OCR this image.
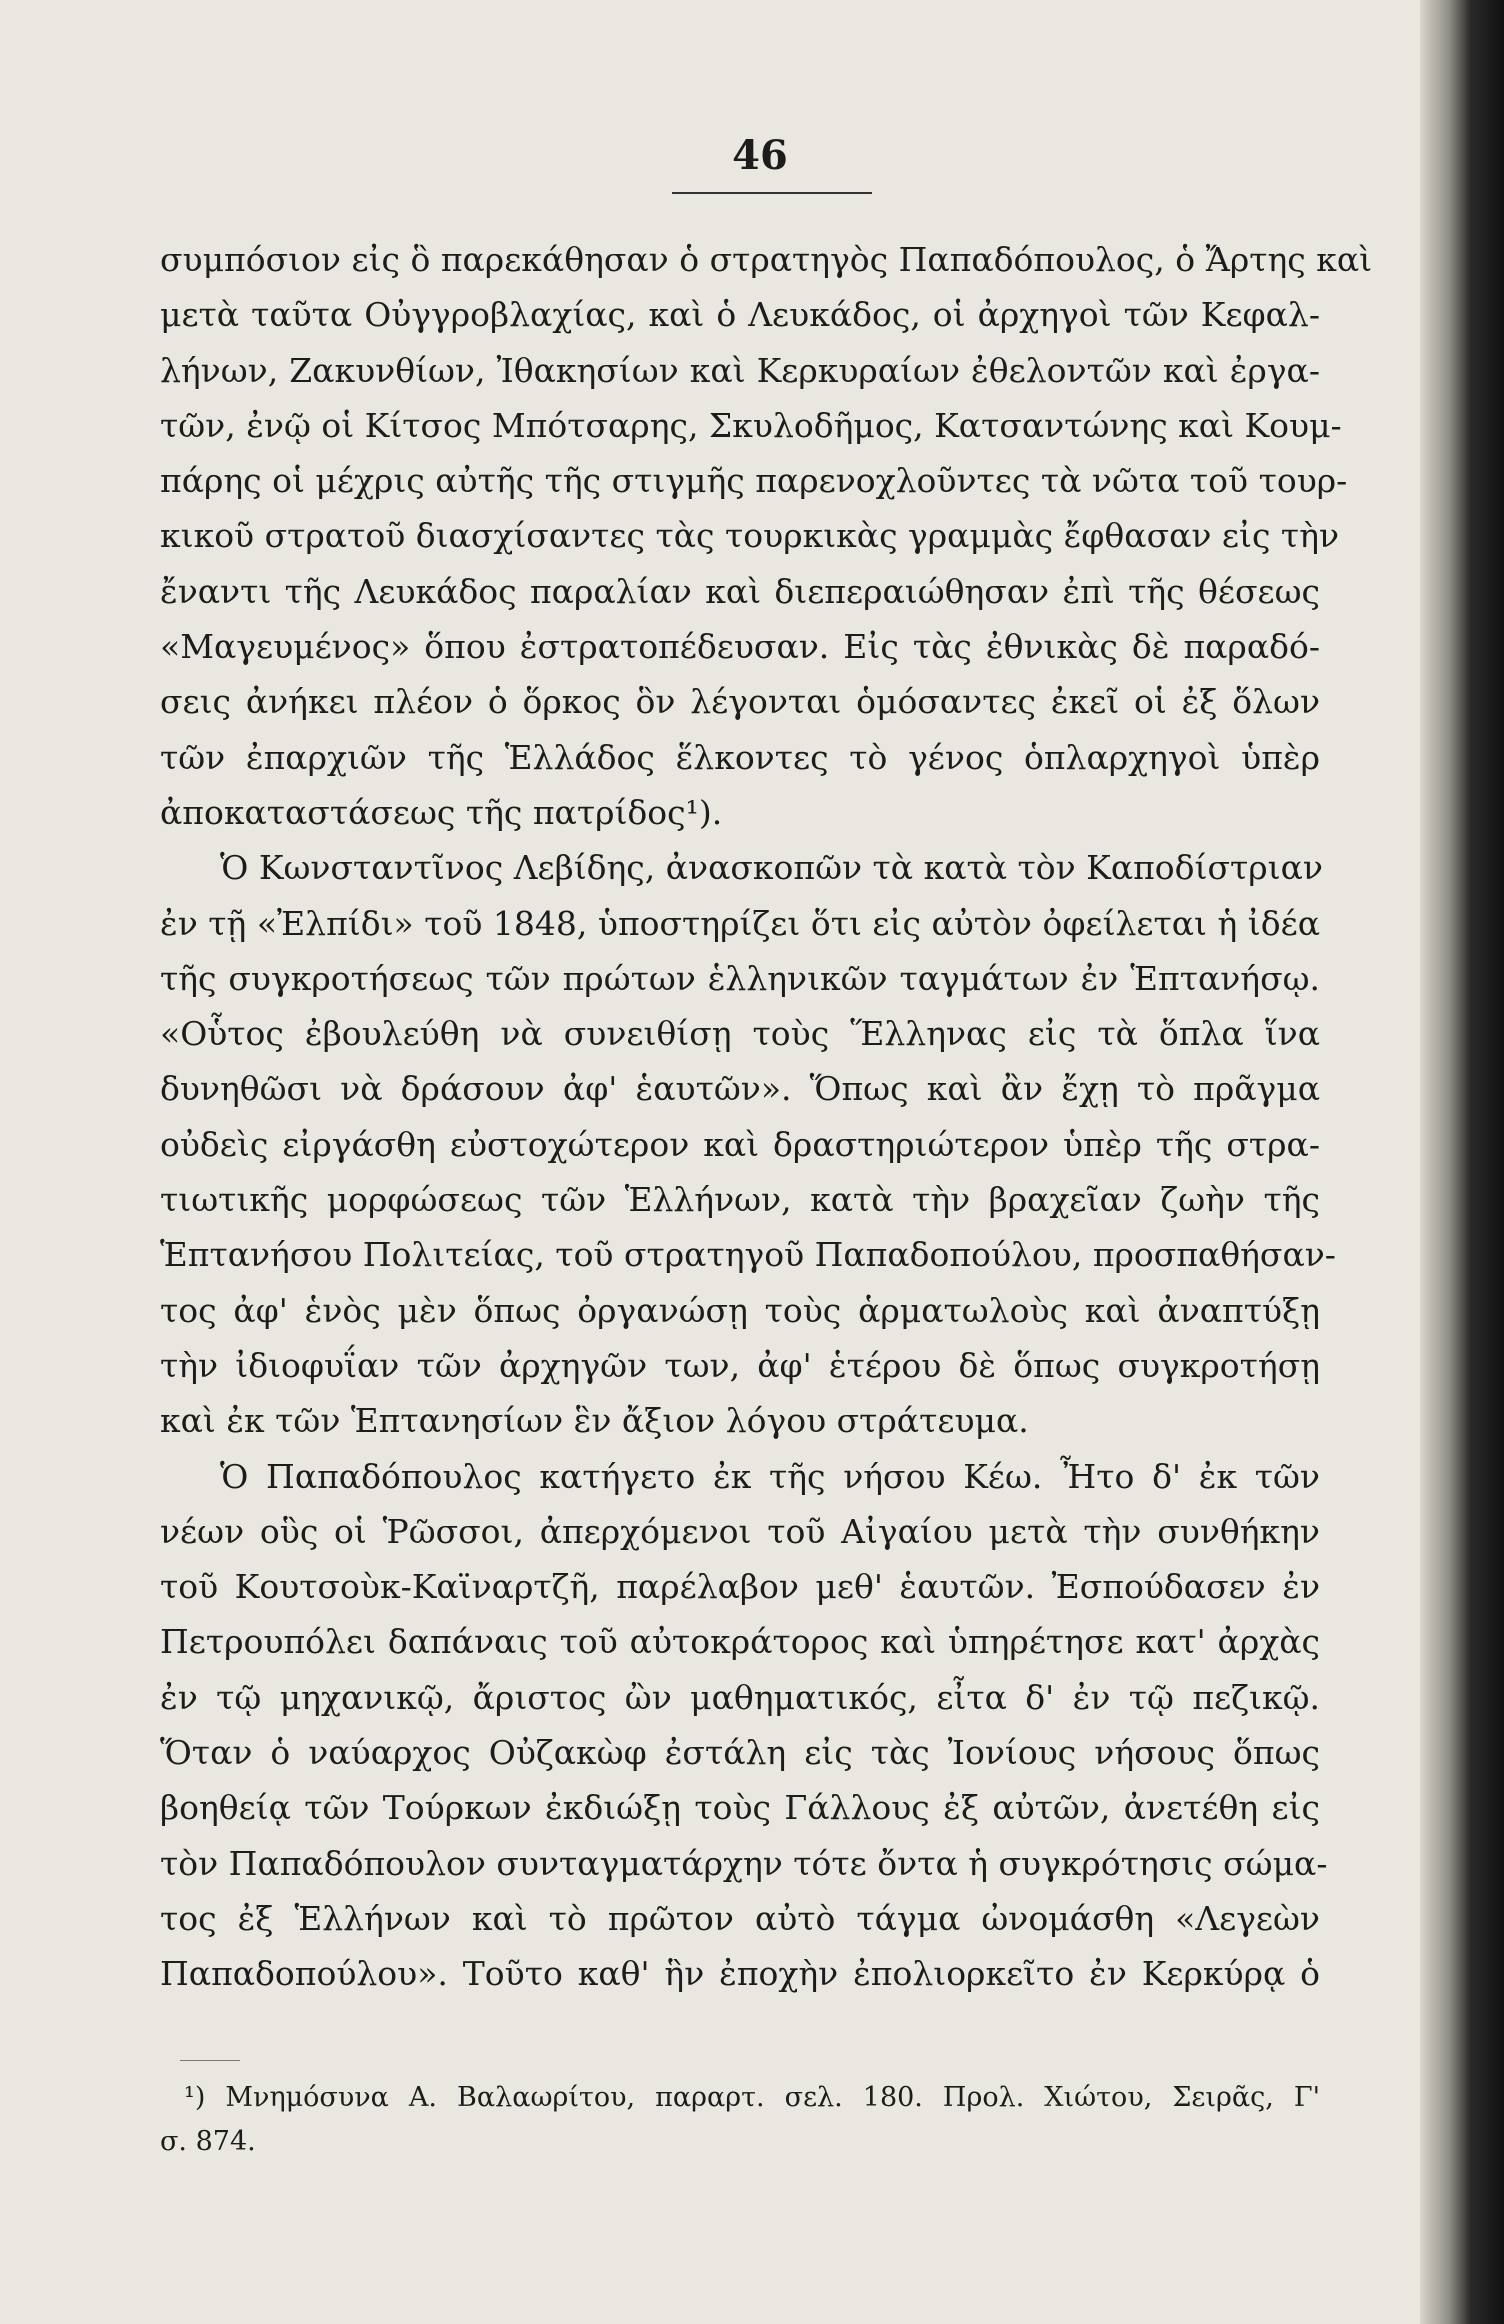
46
συμπόσιον εἰς ὃ παρεκάθησαν ὁ στρατηγὸς Παπαδόπουλος, ὁ Ἄρτης καὶ
μετὰ ταῦτα Οὐγγροβλαχίας, καὶ ὁ Λευκάδος, οἱ ἀρχηγοὶ τῶν Κεφαλ-
λήνων, Ζακυνθίων, Ἰθακησίων καὶ Κερκυραίων ἐθελοντῶν καὶ ἐργα-
τῶν, ἐνῷ οἱ Κίτσος Μπότσαρης, Σκυλοδῆμος, Κατσαντώνης καὶ Κουμ-
πάρης οἱ μέχρις αὐτῆς τῆς στιγμῆς παρενοχλοῦντες τὰ νῶτα τοῦ τουρ-
κικοῦ στρατοῦ διασχίσαντες τὰς τουρκικὰς γραμμὰς ἔφθασαν εἰς τὴν
ἔναντι τῆς Λευκάδος παραλίαν καὶ διεπεραιώθησαν ἐπὶ τῆς θέσεως
«Μαγευμένος» ὅπου ἐστρατοπέδευσαν. Εἰς τὰς ἐθνικὰς δὲ παραδό-
σεις ἀνήκει πλέον ὁ ὅρκος ὃν λέγονται ὁμόσαντες ἐκεῖ οἱ ἐξ ὅλων
τῶν ἐπαρχιῶν τῆς Ἑλλάδος ἕλκοντες τὸ γένος ὁπλαρχηγοὶ ὑπὲρ
ἀποκαταστάσεως τῆς πατρίδος¹).
Ὁ Κωνσταντῖνος Λεβίδης, ἀνασκοπῶν τὰ κατὰ τὸν Καποδίστριαν
ἐν τῇ «Ἐλπίδι» τοῦ 1848, ὑποστηρίζει ὅτι εἰς αὐτὸν ὀφείλεται ἡ ἰδέα
τῆς συγκροτήσεως τῶν πρώτων ἑλληνικῶν ταγμάτων ἐν Ἑπτανήσῳ.
«Οὗτος ἐβουλεύθη νὰ συνειθίσῃ τοὺς Ἕλληνας εἰς τὰ ὅπλα ἵνα
δυνηθῶσι νὰ δράσουν ἀφ' ἑαυτῶν». Ὅπως καὶ ἂν ἔχῃ τὸ πρᾶγμα
οὐδεὶς εἰργάσθη εὐστοχώτερον καὶ δραστηριώτερον ὑπὲρ τῆς στρα-
τιωτικῆς μορφώσεως τῶν Ἑλλήνων, κατὰ τὴν βραχεῖαν ζωὴν τῆς
Ἑπτανήσου Πολιτείας, τοῦ στρατηγοῦ Παπαδοπούλου, προσπαθήσαν-
τος ἀφ' ἑνὸς μὲν ὅπως ὀργανώσῃ τοὺς ἁρματωλοὺς καὶ ἀναπτύξῃ
τὴν ἰδιοφυΐαν τῶν ἀρχηγῶν των, ἀφ' ἑτέρου δὲ ὅπως συγκροτήσῃ
καὶ ἐκ τῶν Ἑπτανησίων ἓν ἄξιον λόγου στράτευμα.
Ὁ Παπαδόπουλος κατήγετο ἐκ τῆς νήσου Κέω. Ἦτο δ' ἐκ τῶν
νέων οὓς οἱ Ῥῶσσοι, ἀπερχόμενοι τοῦ Αἰγαίου μετὰ τὴν συνθήκην
τοῦ Κουτσοὺκ-Καϊναρτζῆ, παρέλαβον μεθ' ἑαυτῶν. Ἐσπούδασεν ἐν
Πετρουπόλει δαπάναις τοῦ αὐτοκράτορος καὶ ὑπηρέτησε κατ' ἀρχὰς
ἐν τῷ μηχανικῷ, ἄριστος ὢν μαθηματικός, εἶτα δ' ἐν τῷ πεζικῷ.
Ὅταν ὁ ναύαρχος Οὐζακὼφ ἐστάλη εἰς τὰς Ἰονίους νήσους ὅπως
βοηθείᾳ τῶν Τούρκων ἐκδιώξῃ τοὺς Γάλλους ἐξ αὐτῶν, ἀνετέθη εἰς
τὸν Παπαδόπουλον συνταγματάρχην τότε ὄντα ἡ συγκρότησις σώμα-
τος ἐξ Ἑλλήνων καὶ τὸ πρῶτον αὐτὸ τάγμα ὠνομάσθη «Λεγεὼν
Παπαδοπούλου». Τοῦτο καθ' ἣν ἐποχὴν ἐπολιορκεῖτο ἐν Κερκύρᾳ ὁ
¹) Μνημόσυνα Α. Βαλαωρίτου, παραρτ. σελ. 180. Προλ. Χιώτου, Σειρᾶς, Γ'
σ. 874.
